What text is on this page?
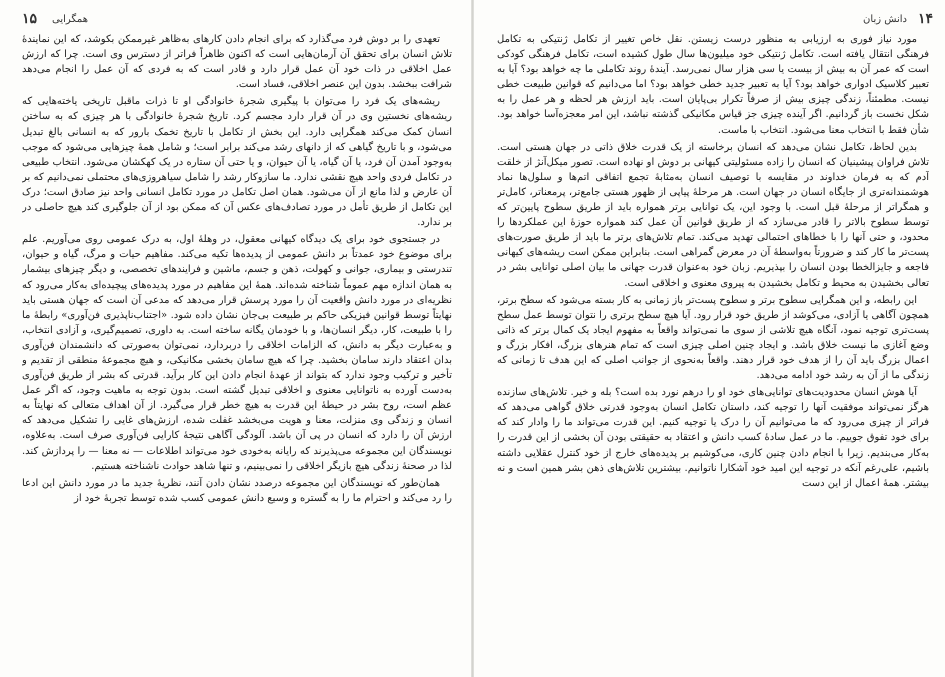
۱۵ همگرایی

تعهدی را بر دوش فرد می‌گذارد که برای انجام دادن کارهای به‌ظاهر غیرممکن بکوشد، که این نمایندهٔ تلاش انسان برای تحقق آن آرمان‌هایی است که اکنون ظاهراً فراتر از دسترس وی است. چرا که ارزش عمل اخلاقی در ذات خود آن عمل قرار دارد و قادر است که به فردی که آن عمل را انجام می‌دهد شرافت ببخشد. بدون این عنصر اخلاقی، فساد است.

ریشه‌های یک فرد را می‌توان با پیگیری شجرهٔ خانوادگی او تا ذرات ماقبل تاریخی یاخته‌هایی که ریشه‌های نخستین وی در آن قرار دارد مجسم کرد. تاریخ شجرهٔ خانوادگی با هر چیزی که به ساختن انسان کمک می‌کند همگرایی دارد. این بخش از تکامل با تاریخ تخمک بارور که به انسانی بالغ تبدیل می‌شود، و با تاریخ گیاهی که از دانهای رشد می‌کند برابر است؛ و شامل همهٔ چیزهایی می‌شود که موجب به‌وجود آمدن آن فرد، یا آن گیاه، یا آن حیوان، و یا حتی آن ستاره در یک کهکشان می‌شود. انتخاب طبیعی در تکامل فردی واحد هیچ نقشی ندارد. ما سازوکار رشد را شامل سیاهروزی‌های محتملی نمی‌دانیم که بر آن عارض و لذا مانع از آن می‌شود. همان اصل تکامل در مورد تکامل انسانی واحد نیز صادق است؛ درک این تکامل از طریق تأمل در مورد تصادف‌های عکس آن که ممکن بود از آن جلوگیری کند هیچ حاصلی در بر ندارد.

در جستجوی خود برای یک دیدگاه کیهانی معقول، در وهلهٔ اول، به درک عمومی روی می‌آوریم. علم برای موضوع خود عمدتاً بر دانش عمومی از پدیده‌ها تکیه می‌کند. مفاهیم حیات و مرگ، گیاه و حیوان، تندرستی و بیماری، جوانی و کهولت، ذهن و جسم، ماشین و فرایندهای تخصصی، و دیگر چیزهای بیشمار به همان اندازه مهم عموماً شناخته شده‌اند. همهٔ این مفاهیم در مورد پدیده‌های پیچیده‌ای به‌کار می‌رود که نظریه‌ای در مورد دانش واقعیت آن را مورد پرسش قرار می‌دهد که مدعی آن است که جهان هستی باید نهایتاً توسط قوانین فیزیکی حاکم بر طبیعت بی‌جان نشان داده شود. «اجتناب‌ناپذیری فن‌آوری» رابطهٔ ما را با طبیعت، کار، دیگر انسان‌ها، و با خودمان یگانه ساخته است. به داوری، تصمیم‌گیری، و آزادی انتخاب، و به‌عبارت دیگر به دانش، که الزامات اخلاقی را دربردارد، نمی‌توان به‌صورتی که دانشمندان فن‌آوری بدان اعتقاد دارند سامان بخشید. چرا که هیچ سامان بخشی مکانیکی، و هیچ مجموعهٔ منطقی از تقدیم و تأخیر و ترکیب وجود ندارد که بتواند از عهدهٔ انجام دادن این کار برآید. قدرتی که بشر از طریق فن‌آوری به‌دست آورده به ناتوانایی معنوی و اخلاقی تبدیل گشته است. بدون توجه به ماهیت وجود، که اگر عمل عظم است، روح بشر در حیطهٔ این قدرت به هیچ خطر قرار می‌گیرد. از آن اهداف متعالی که نهایتاً به انسان و زندگی وی منزلت، معنا و هویت می‌بخشد غفلت شده، ارزش‌های غایی را تشکیل می‌دهد که ارزش آن را دارد که انسان در پی آن باشد. آلودگی آگاهی نتیجهٔ کارایی فن‌آوری صرف است. به‌علاوه، نویسندگان این مجموعه می‌پذیرند که رایانه به‌خودی خود می‌تواند اطلاعات — نه معنا — را پردازش کند. لذا در صحنهٔ زندگی هیچ بازیگر اخلاقی را نمی‌بینیم، و تنها شاهد حوادث ناشناخته هستیم.

همان‌طور که نویسندگان این مجموعه درصدد نشان دادن آنند، نظریهٔ جدید ما در مورد دانش این ادعا را رد می‌کند و احترام ما را به گستره و وسیع دانش عمومی کسب شده توسط تجربهٔ خود از

۱۴
دانش زبان

مورد نیاز فوری به ارزیابی به منظور درست زیستن. نقل خاص تغییر از تکامل ژنتیکی به تکامل فرهنگی انتقال یافته است. تکامل ژنتیکی خود میلیون‌ها سال طول کشیده است، تکامل فرهنگی کودکی است که عمر آن به بیش از بیست یا سی هزار سال نمی‌رسد. آیندهٔ روند تکاملی ما چه خواهد بود؟ آیا به تعبیر کلاسیک ادواری خواهد بود؟ آیا به تعبیر جدید خطی خواهد بود؟ اما می‌دانیم که قوانین طبیعت خطی نیست. مطمئناً، زندگی چیزی بیش از صرفاً تکرار بی‌پایان است. باید ارزش هر لحظه و هر عمل را به شکل نخست باز گردانیم. اگر آینده چیزی جز قیاس مکانیکی گذشته نباشد، این امر معجزه‌آسا خواهد بود. شأن فقط با انتخاب معنا می‌شود. انتخاب با ماست.

بدین لحاظ، تکامل نشان می‌دهد که انسان برخاسته از یک قدرت خلاق ذاتی در جهان هستی است. تلاش فراوان پیشینیان که انسان را زاده مسئولیتی کیهانی بر دوش او نهاده است. تصور میکل‌آنژ از خلقت آدم که به فرمان خداوند در مقایسه با توصیف انسان به‌مثابهٔ تجمع اتفاقی اتم‌ها و سلول‌ها نماد هوشمندانه‌تری از جایگاه انسان در جهان است. هر مرحلهٔ پیاپی از ظهور هستی جامع‌تر، پرمعناتر، کامل‌تر و همگراتر از مرحلهٔ قبل است. با وجود این، یک توانایی برتر همواره باید از طریق سطوح پایین‌تر که توسط سطوح بالاتر را قادر می‌سازد که از طریق قوانین آن عمل کند همواره حوزهٔ این عملکردها را محدود، و حتی آنها را با خطاهای احتمالی تهدید می‌کند. تمام تلاش‌های برتر ما باید از طریق صورت‌های پست‌تر ما کار کند و ضرورتاً به‌واسطهٔ آن در معرض گمراهی است. بنابراین ممکن است ریشه‌های کیهانی فاجعه و جایزالخطا بودن انسان را بپذیریم. زبان خود به‌عنوان قدرت جهانی ما بیان اصلی توانایی بشر در تعالی بخشیدن به محیط و تکامل بخشیدن به پیروی معنوی و اخلاقی است.

این رابطه، و این همگرایی سطوح برتر و سطوح پست‌تر باز زمانی به کار بسته می‌شود که سطح برتر، همچون آگاهی یا آزادی، می‌کوشد از طریق خود قرار رود. آیا هیچ سطح برتری را نتوان توسط عمل سطح پست‌تری توجیه نمود، آنگاه هیچ تلاشی از سوی ما نمی‌تواند واقعاً به مفهوم ایجاد یک کمال برتر که ذاتی وضع آغازی ما نیست خلاق باشد. و ایجاد چنین اصلی چیزی است که تمام هنرهای بزرگ، افکار بزرگ و اعمال بزرگ باید آن را از هدف خود قرار دهند. واقعاً به‌نحوی از جوانب اصلی که این هدف تا زمانی که زندگی ما از آن به رشد خود ادامه می‌دهد.

آیا هوش انسان محدودیت‌های توانایی‌های خود او را درهم نورد بده است؟ بله و خیر. تلاش‌های سازنده هرگز نمی‌تواند موفقیت آنها را توجیه کند، داستان تکامل انسان به‌وجود قدرتی خلاق گواهی می‌دهد که فراتر از چیزی می‌رود که ما می‌توانیم آن را درک یا توجیه کنیم. این قدرت می‌تواند ما را وادار کند که برای خود تفوق جوییم. ما در عمل سادهٔ کسب دانش و اعتقاد به حقیقتی بودن آن بخشی از این قدرت را به‌کار می‌بندیم. زیرا با انجام دادن چنین کاری، می‌کوشیم بر پدیده‌های خارج از خود کنترل عقلایی داشته باشیم، علی‌رغم آنکه در توجیه این امید خود آشکارا ناتوانیم. بیشترین تلاش‌های ذهن بشر همین است و نه بیشتر. همهٔ اعمال از این دست
